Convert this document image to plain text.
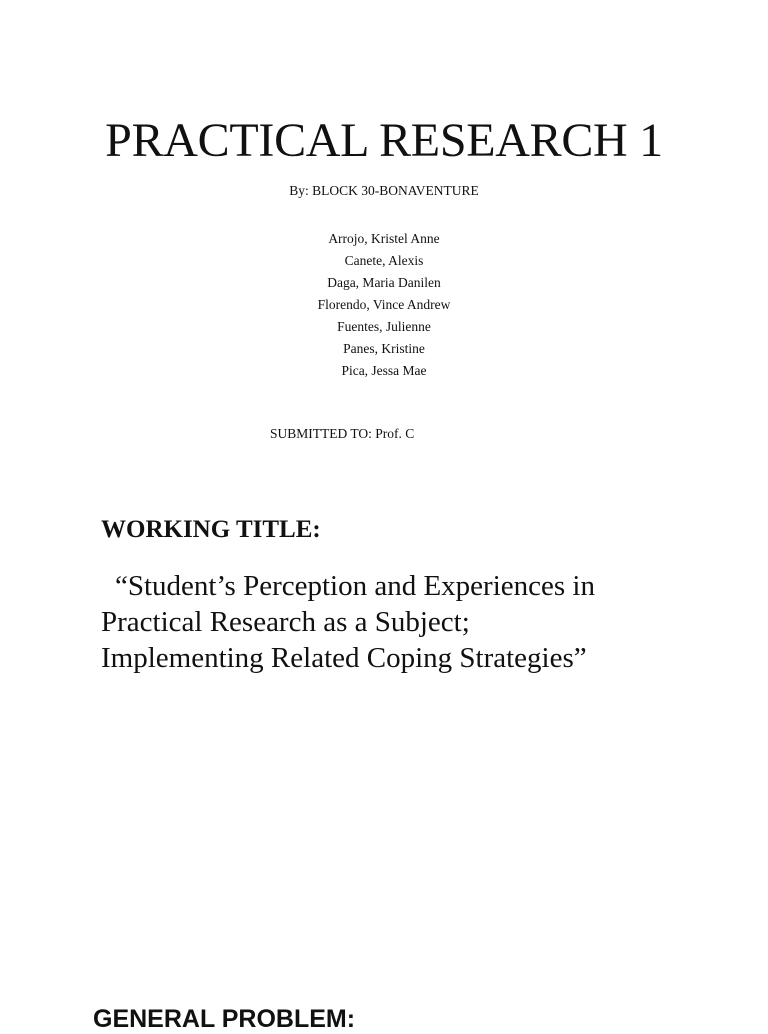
PRACTICAL RESEARCH 1
By: BLOCK 30-BONAVENTURE
Arrojo, Kristel Anne
Canete, Alexis
Daga, Maria Danilen
Florendo, Vince Andrew
Fuentes, Julienne
Panes, Kristine
Pica, Jessa Mae
SUBMITTED TO: Prof. C
WORKING TITLE:

“Student’s Perception and Experiences in
Practical Research as a Subject;
Implementing Related Coping Strategies”

GENERAL PROBLEM:
